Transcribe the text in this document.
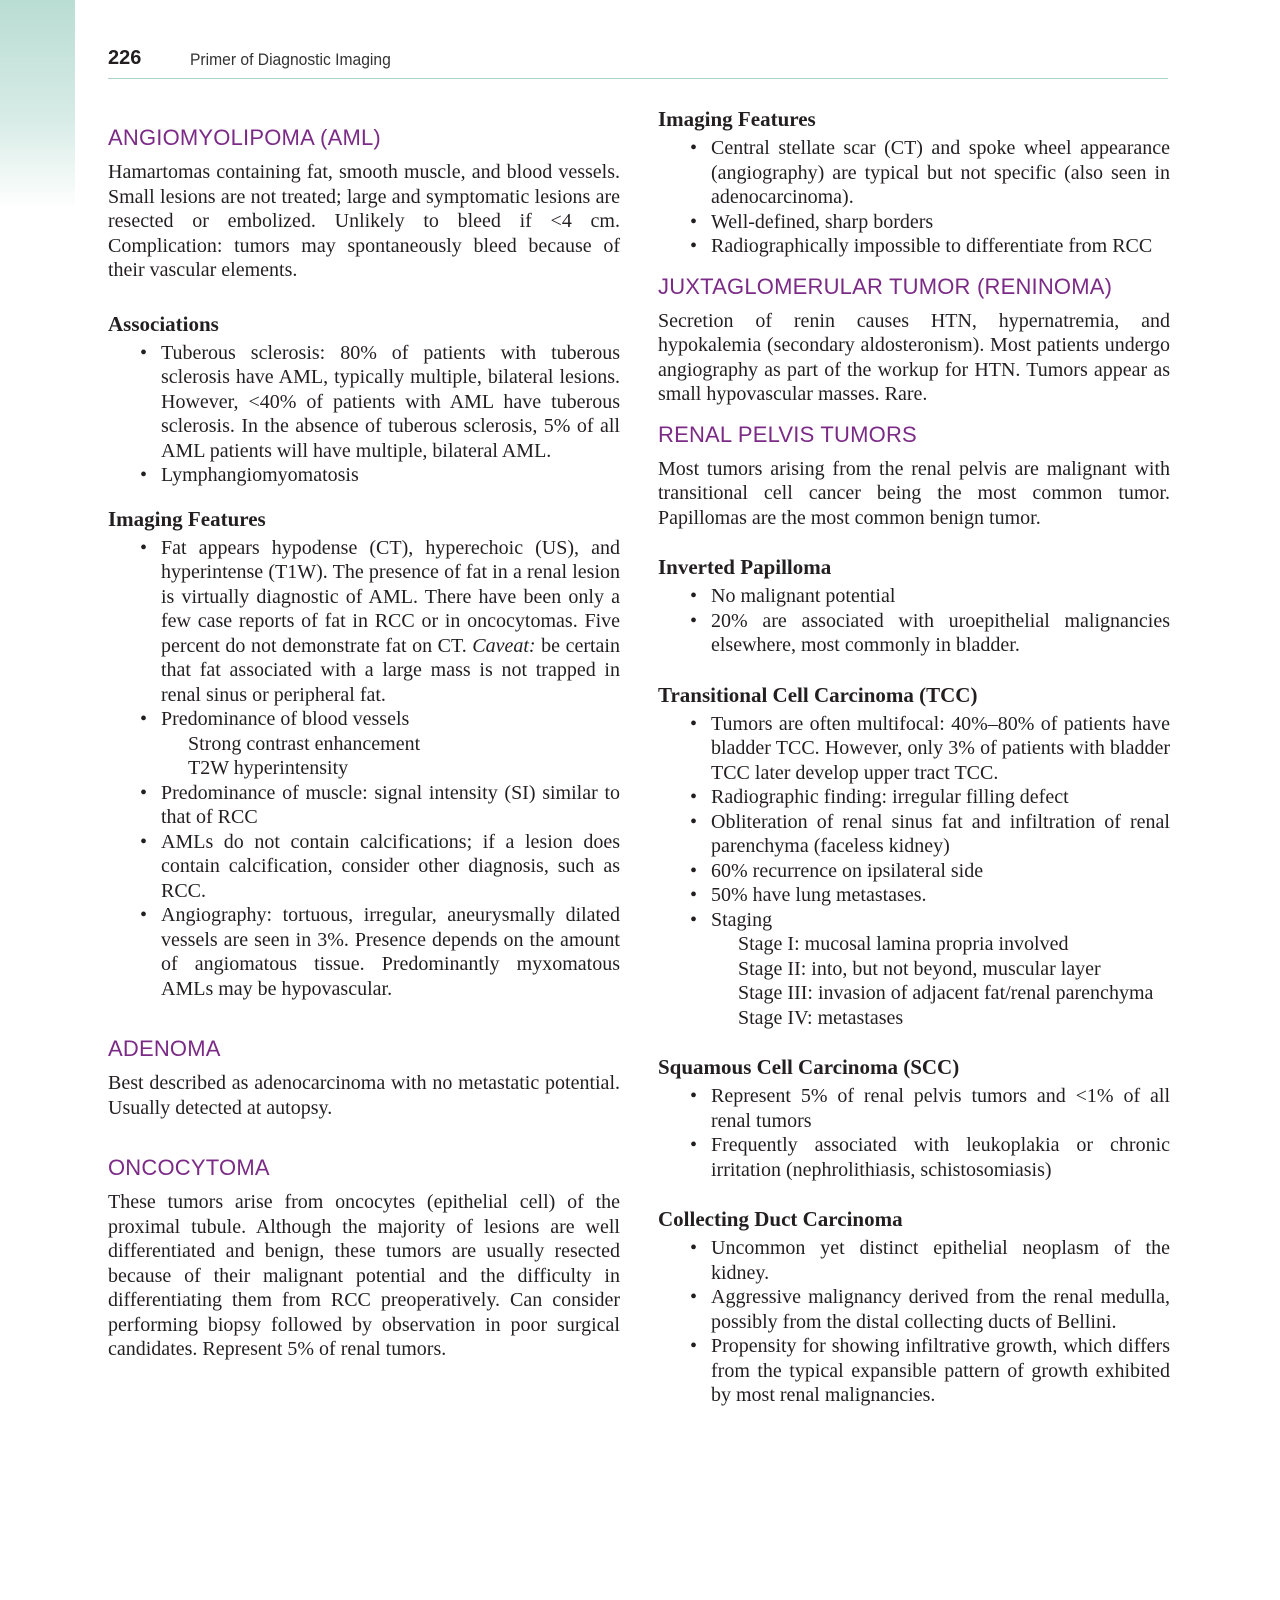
226	Primer of Diagnostic Imaging
ANGIOMYOLIPOMA (AML)

Hamartomas containing fat, smooth muscle, and blood vessels. Small lesions are not treated; large and symptomatic lesions are resected or embolized. Unlikely to bleed if <4 cm. Complication: tumors may spontaneously bleed because of their vascular elements.

Associations
• Tuberous sclerosis: 80% of patients with tuberous sclerosis have AML, typically multiple, bilateral lesions. However, <40% of patients with AML have tuberous sclerosis. In the absence of tuberous sclerosis, 5% of all AML patients will have multiple, bilateral AML.
• Lymphangiomyomatosis
Imaging Features
• Fat appears hypodense (CT), hyperechoic (US), and hyperintense (T1W). The presence of fat in a renal lesion is virtually diagnostic of AML. There have been only a few case reports of fat in RCC or in oncocytomas. Five percent do not demonstrate fat on CT. Caveat: be certain that fat associated with a large mass is not trapped in renal sinus or peripheral fat.
• Predominance of blood vessels
Strong contrast enhancement
T2W hyperintensity
• Predominance of muscle: signal intensity (SI) similar to that of RCC
• AMLs do not contain calcifications; if a lesion does contain calcification, consider other diagnosis, such as RCC.
• Angiography: tortuous, irregular, aneurysmally dilated vessels are seen in 3%. Presence depends on the amount of angiomatous tissue. Predominantly myxomatous AMLs may be hypovascular.
ADENOMA

Best described as adenocarcinoma with no metastatic potential. Usually detected at autopsy.

ONCOCYTOMA

These tumors arise from oncocytes (epithelial cell) of the proximal tubule. Although the majority of lesions are well differentiated and benign, these tumors are usually resected because of their malignant potential and the difficulty in differentiating them from RCC preoperatively. Can consider performing biopsy followed by observation in poor surgical candidates. Represent 5% of renal tumors.

Imaging Features
• Central stellate scar (CT) and spoke wheel appearance (angiography) are typical but not specific (also seen in adenocarcinoma).
• Well-defined, sharp borders
• Radiographically impossible to differentiate from RCC
JUXTAGLOMERULAR TUMOR (RENINOMA)

Secretion of renin causes HTN, hypernatremia, and hypokalemia (secondary aldosteronism). Most patients undergo angiography as part of the workup for HTN. Tumors appear as small hypovascular masses. Rare.

RENAL PELVIS TUMORS

Most tumors arising from the renal pelvis are malignant with transitional cell cancer being the most common tumor. Papillomas are the most common benign tumor.

Inverted Papilloma
• No malignant potential
• 20% are associated with uroepithelial malignancies elsewhere, most commonly in bladder.
Transitional Cell Carcinoma (TCC)
• Tumors are often multifocal: 40%–80% of patients have bladder TCC. However, only 3% of patients with bladder TCC later develop upper tract TCC.
• Radiographic finding: irregular filling defect
• Obliteration of renal sinus fat and infiltration of renal parenchyma (faceless kidney)
• 60% recurrence on ipsilateral side
• 50% have lung metastases.
• Staging
Stage I: mucosal lamina propria involved
Stage II: into, but not beyond, muscular layer
Stage III: invasion of adjacent fat/renal parenchyma
Stage IV: metastases
Squamous Cell Carcinoma (SCC)
• Represent 5% of renal pelvis tumors and <1% of all renal tumors
• Frequently associated with leukoplakia or chronic irritation (nephrolithiasis, schistosomiasis)
Collecting Duct Carcinoma
• Uncommon yet distinct epithelial neoplasm of the kidney.
• Aggressive malignancy derived from the renal medulla, possibly from the distal collecting ducts of Bellini.
• Propensity for showing infiltrative growth, which differs from the typical expansible pattern of growth exhibited by most renal malignancies.
